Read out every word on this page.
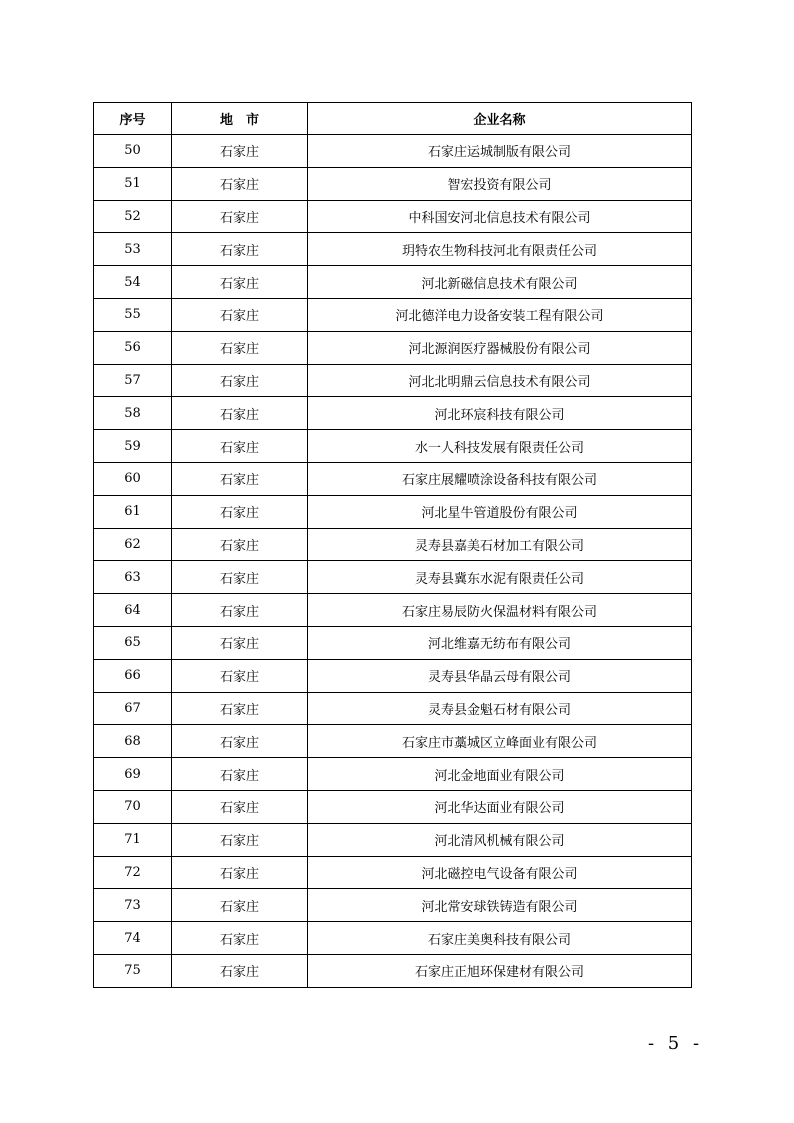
序号	地　市	企业名称
50	石家庄	石家庄运城制版有限公司
51	石家庄	智宏投资有限公司
52	石家庄	中科国安河北信息技术有限公司
53	石家庄	玥特农生物科技河北有限责任公司
54	石家庄	河北新磁信息技术有限公司
55	石家庄	河北德洋电力设备安装工程有限公司
56	石家庄	河北源润医疗器械股份有限公司
57	石家庄	河北北明鼎云信息技术有限公司
58	石家庄	河北环宸科技有限公司
59	石家庄	水一人科技发展有限责任公司
60	石家庄	石家庄展耀喷涂设备科技有限公司
61	石家庄	河北星牛管道股份有限公司
62	石家庄	灵寿县嘉美石材加工有限公司
63	石家庄	灵寿县冀东水泥有限责任公司
64	石家庄	石家庄易辰防火保温材料有限公司
65	石家庄	河北维嘉无纺布有限公司
66	石家庄	灵寿县华晶云母有限公司
67	石家庄	灵寿县金魁石材有限公司
68	石家庄	石家庄市藁城区立峰面业有限公司
69	石家庄	河北金地面业有限公司
70	石家庄	河北华达面业有限公司
71	石家庄	河北清风机械有限公司
72	石家庄	河北磁控电气设备有限公司
73	石家庄	河北常安球铁铸造有限公司
74	石家庄	石家庄美奥科技有限公司
75	石家庄	石家庄正旭环保建材有限公司
- 5 -
